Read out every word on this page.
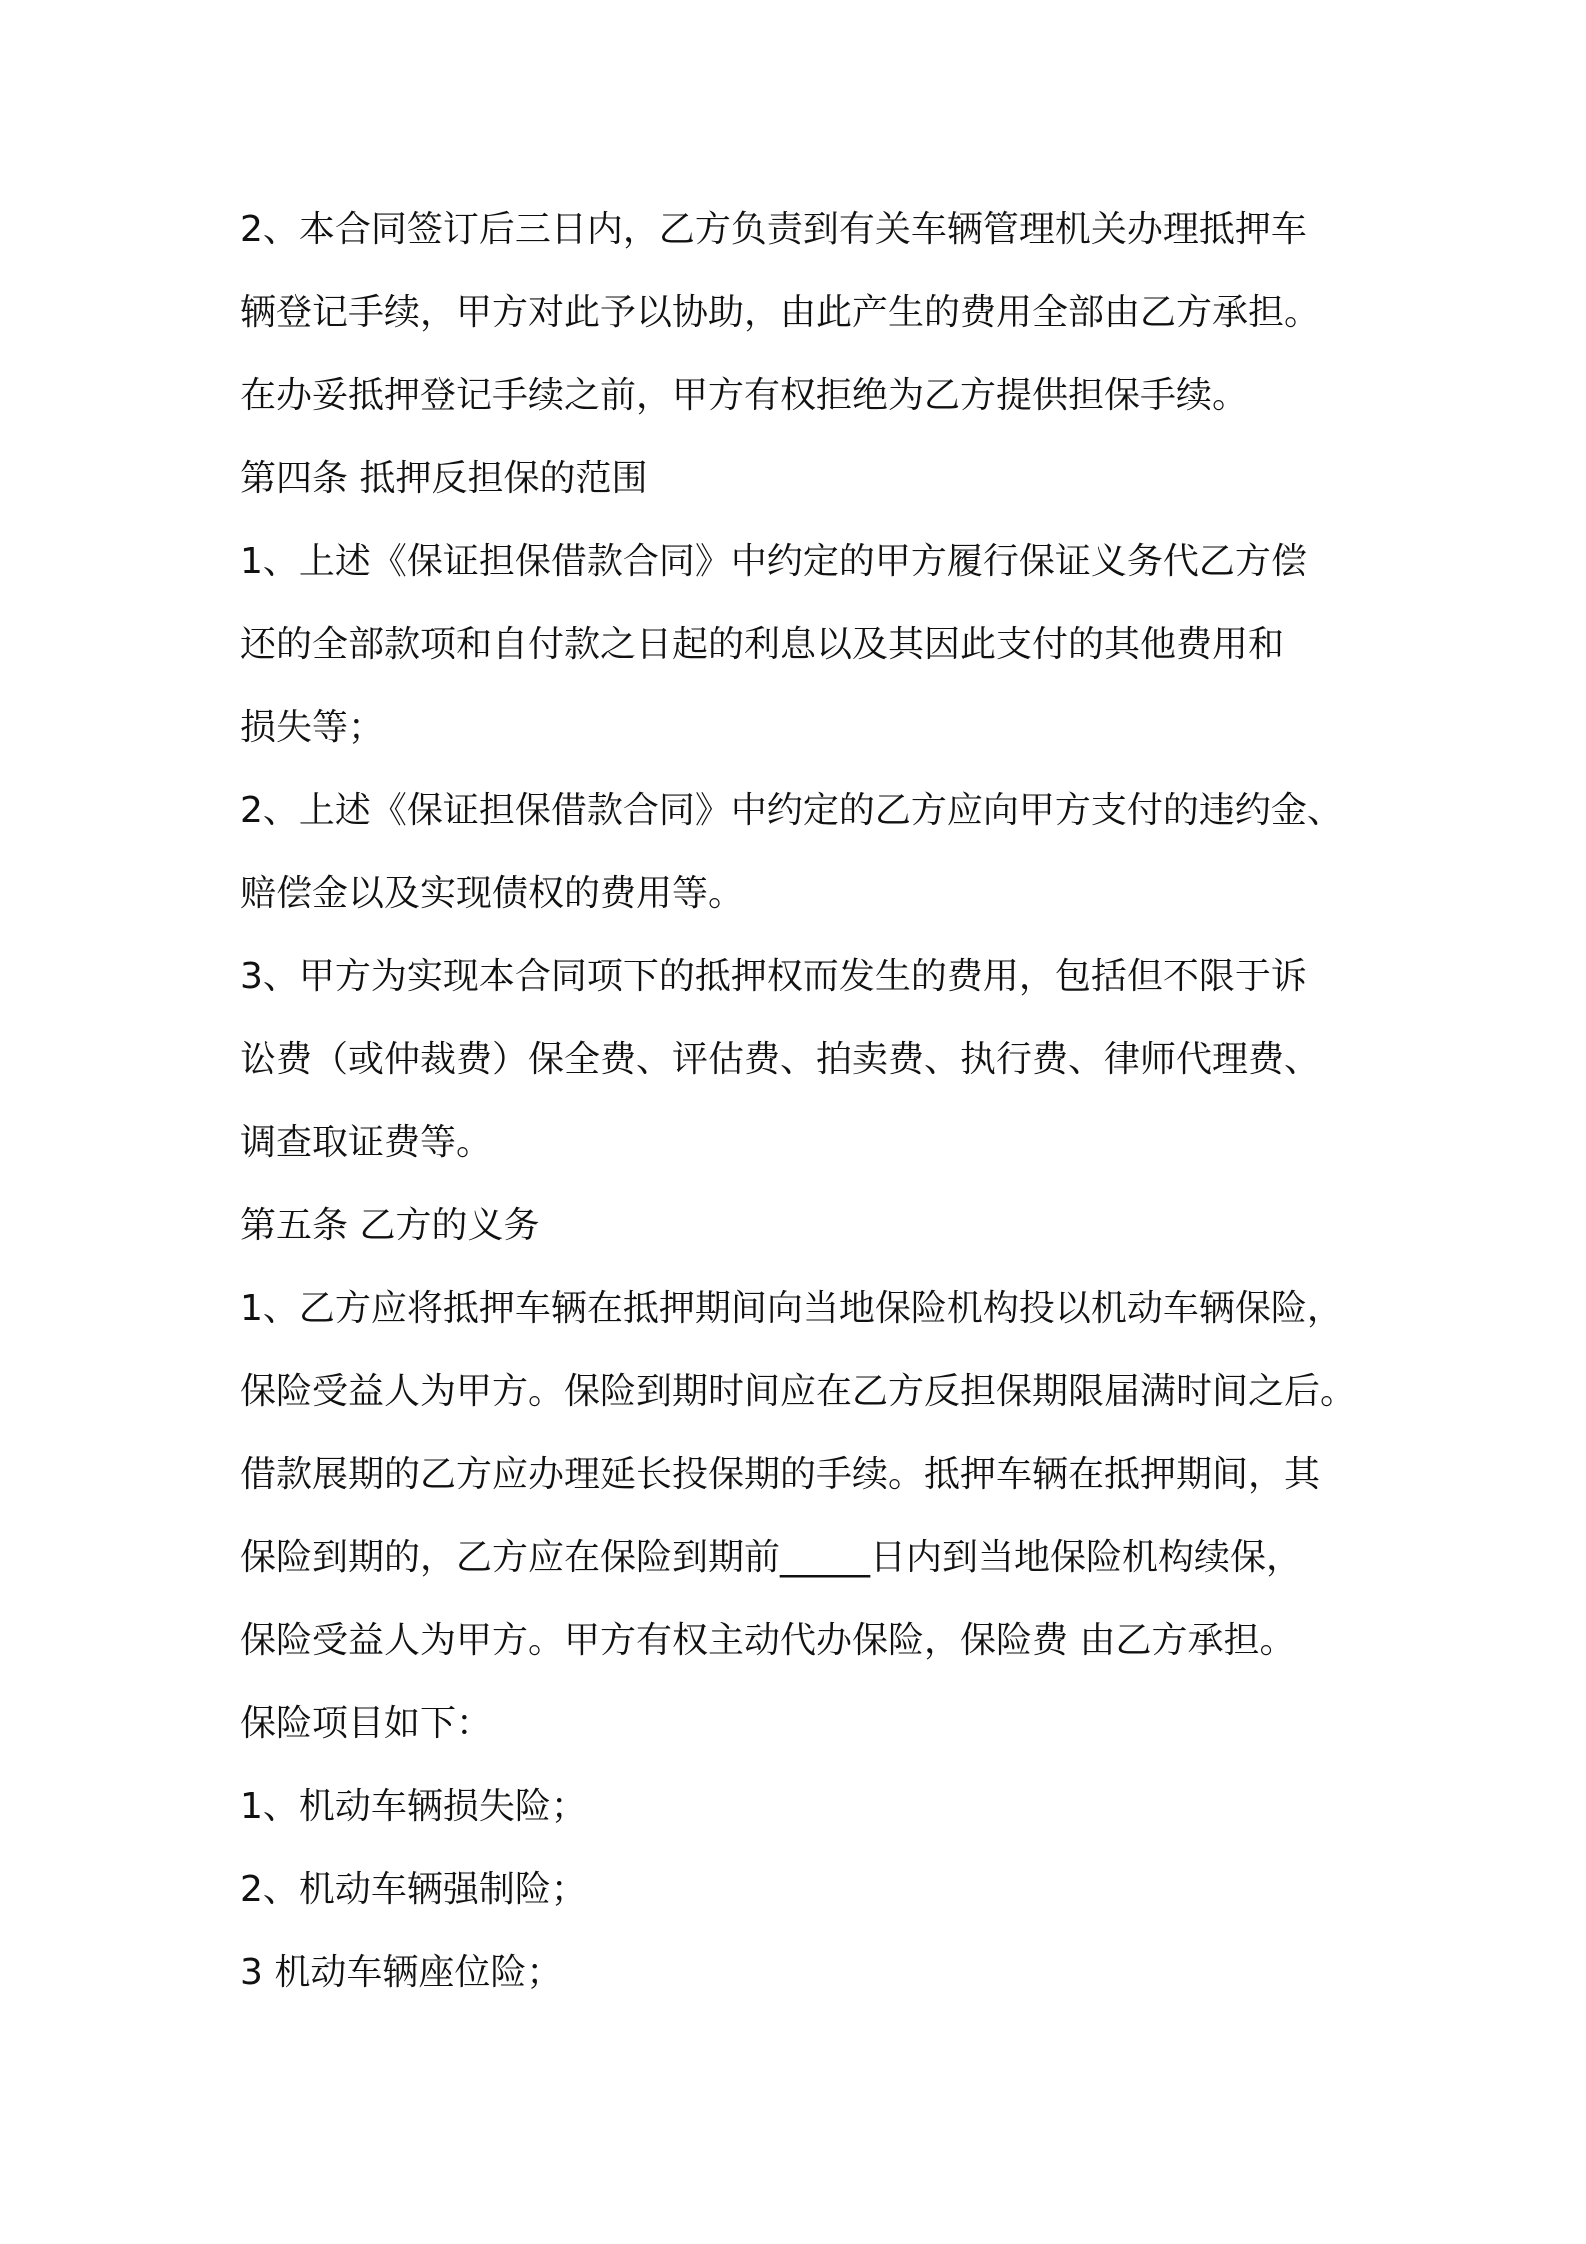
2、本合同签订后三日内，乙方负责到有关车辆管理机关办理抵押车
辆登记手续，甲方对此予以协助，由此产生的费用全部由乙方承担。
在办妥抵押登记手续之前，甲方有权拒绝为乙方提供担保手续。
第四条 抵押反担保的范围
1、上述《保证担保借款合同》中约定的甲方履行保证义务代乙方偿
还的全部款项和自付款之日起的利息以及其因此支付的其他费用和
损失等；
2、上述《保证担保借款合同》中约定的乙方应向甲方支付的违约金、
赔偿金以及实现债权的费用等。
3、甲方为实现本合同项下的抵押权而发生的费用，包括但不限于诉
讼费（或仲裁费）保全费、评估费、拍卖费、执行费、律师代理费、
调查取证费等。
第五条 乙方的义务
1、乙方应将抵押车辆在抵押期间向当地保险机构投以机动车辆保险，
保险受益人为甲方。保险到期时间应在乙方反担保期限届满时间之后。
借款展期的乙方应办理延长投保期的手续。抵押车辆在抵押期间，其
保险到期的，乙方应在保险到期前_____日内到当地保险机构续保，
保险受益人为甲方。甲方有权主动代办保险，保险费 由乙方承担。
保险项目如下：
1、机动车辆损失险；
2、机动车辆强制险；
3 机动车辆座位险；
